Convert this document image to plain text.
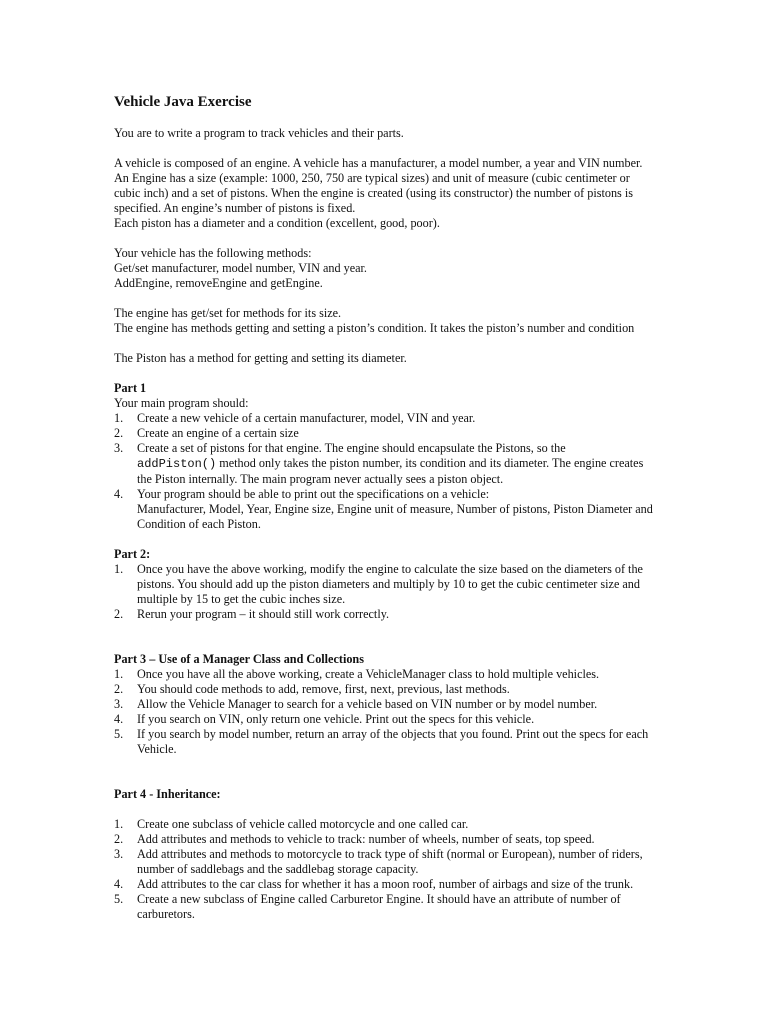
Vehicle Java Exercise

You are to write a program to track vehicles and their parts.

A vehicle is composed of an engine. A vehicle has a manufacturer, a model number, a year and VIN number.

An Engine has a size (example: 1000, 250, 750 are typical sizes) and unit of measure (cubic centimeter or cubic inch) and a set of pistons. When the engine is created (using its constructor) the number of pistons is specified. An engine’s number of pistons is fixed.

Each piston has a diameter and a condition (excellent, good, poor).

Your vehicle has the following methods:

Get/set manufacturer, model number, VIN and year.

AddEngine, removeEngine and getEngine.

The engine has get/set for methods for its size.

The engine has methods getting and setting a piston’s condition. It takes the piston’s number and condition

The Piston has a method for getting and setting its diameter.

Part 1

Your main program should:

1.	Create a new vehicle of a certain manufacturer, model, VIN and year.
2.	Create an engine of a certain size
3.	Create a set of pistons for that engine. The engine should encapsulate the Pistons, so the
addPiston() method only takes the piston number, its condition and its diameter. The engine creates the Piston internally. The main program never actually sees a piston object.
4.	Your program should be able to print out the specifications on a vehicle:

Manufacturer, Model, Year, Engine size, Engine unit of measure, Number of pistons, Piston Diameter and Condition of each Piston.

Part 2:

1.	Once you have the above working, modify the engine to calculate the size based on the diameters of the pistons. You should add up the piston diameters and multiply by 10 to get the cubic centimeter size and multiple by 15 to get the cubic inches size.
2.	Rerun your program – it should still work correctly.

Part 3 – Use of a Manager Class and Collections

1.	Once you have all the above working, create a VehicleManager class to hold multiple vehicles.
2.	You should code methods to add, remove, first, next, previous, last methods.
3.	Allow the Vehicle Manager to search for a vehicle based on VIN number or by model number.
4.	If you search on VIN, only return one vehicle. Print out the specs for this vehicle.
5.	If you search by model number, return an array of the objects that you found. Print out the specs for each Vehicle.

Part 4 - Inheritance:

1.	Create one subclass of vehicle called motorcycle and one called car.
2.	Add attributes and methods to vehicle to track: number of wheels, number of seats, top speed.
3.	Add attributes and methods to motorcycle to track type of shift (normal or European), number of riders, number of saddlebags and the saddlebag storage capacity.
4.	Add attributes to the car class for whether it has a moon roof, number of airbags and size of the trunk.
5.	Create a new subclass of Engine called Carburetor Engine. It should have an attribute of number of carburetors.
